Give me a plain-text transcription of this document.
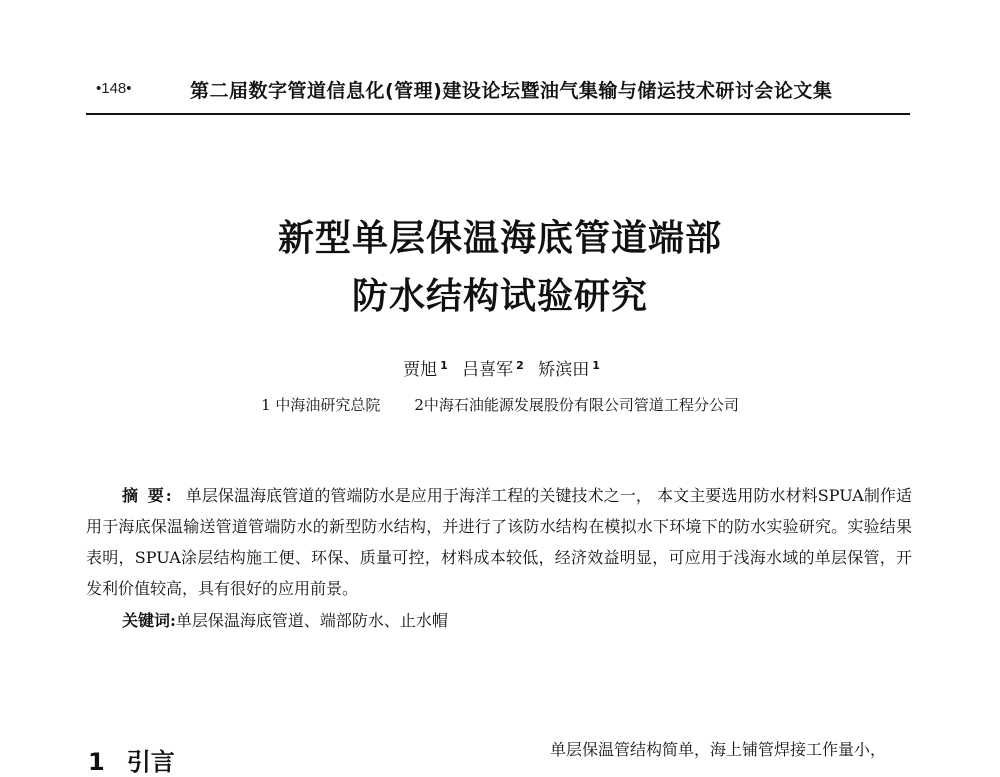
•148•	第二届数字管道信息化(管理)建设论坛暨油气集输与储运技术研讨会论文集
新型单层保温海底管道端部
防水结构试验研究
贾旭 $^1$ 吕喜军 $^2$ 矫滨田 $^1$
1 中海油研究总院 2中海石油能源发展股份有限公司管道工程分公司

摘 要: 单层保温海底管道的管端防水是应用于海洋工程的关键技术之一， 本文主要选用防水材料SPUA制作适用于海底保温输送管道管端防水的新型防水结构，并进行了该防水结构在模拟水下环境下的防水实验研究。实验结果表明，SPUA涂层结构施工便、环保、质量可控，材料成本较低，经济效益明显，可应用于浅海水域的单层保管，开发利价值较高，具有很好的应用前景。

关键词:单层保温海底管道、端部防水、止水帽
1 引言	单层保温管结构简单，海上铺管焊接工作量小，
